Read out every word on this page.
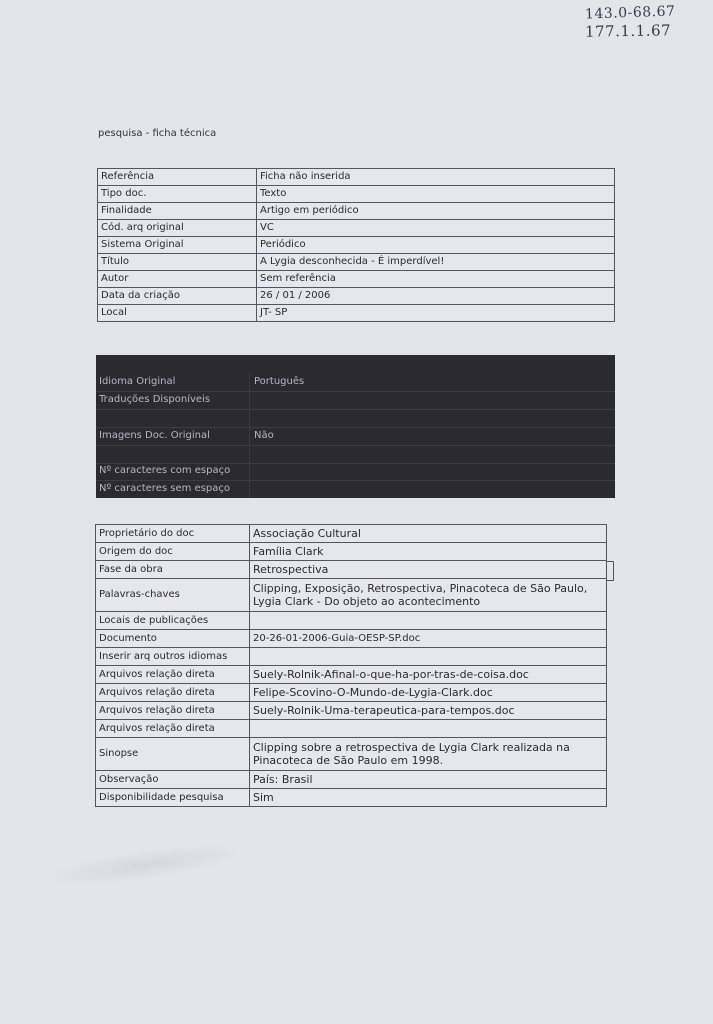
143.0-68.67
177.1.1.67
pesquisa - ficha técnica
Referência	Ficha não inserida
Tipo doc.	Texto
Finalidade	Artigo em periódico
Cód. arq original	VC
Sistema Original	Periódico
Título	A Lygia desconhecida - É imperdível!
Autor	Sem referência
Data da criação	26 / 01 / 2006
Local	JT- SP
Idioma Original	Português
Traduções Disponíveis
Imagens Doc. Original	Não
Nº caracteres com espaço
Nº caracteres sem espaço
Proprietário do doc	Associação Cultural
Origem do doc	Família Clark
Fase da obra	Retrospectiva
Palavras-chaves	Clipping, Exposição, Retrospectiva, Pinacoteca de São Paulo, Lygia Clark - Do objeto ao acontecimento
Locais de publicações	
Documento	20-26-01-2006-Guia-OESP-SP.doc
Inserir arq outros idiomas	
Arquivos relação direta	Suely-Rolnik-Afinal-o-que-ha-por-tras-de-coisa.doc
Arquivos relação direta	Felipe-Scovino-O-Mundo-de-Lygia-Clark.doc
Arquivos relação direta	Suely-Rolnik-Uma-terapeutica-para-tempos.doc
Arquivos relação direta	
Sinopse	Clipping sobre a retrospectiva de Lygia Clark realizada na Pinacoteca de São Paulo em 1998.
Observação	País: Brasil
Disponibilidade pesquisa	Sim
